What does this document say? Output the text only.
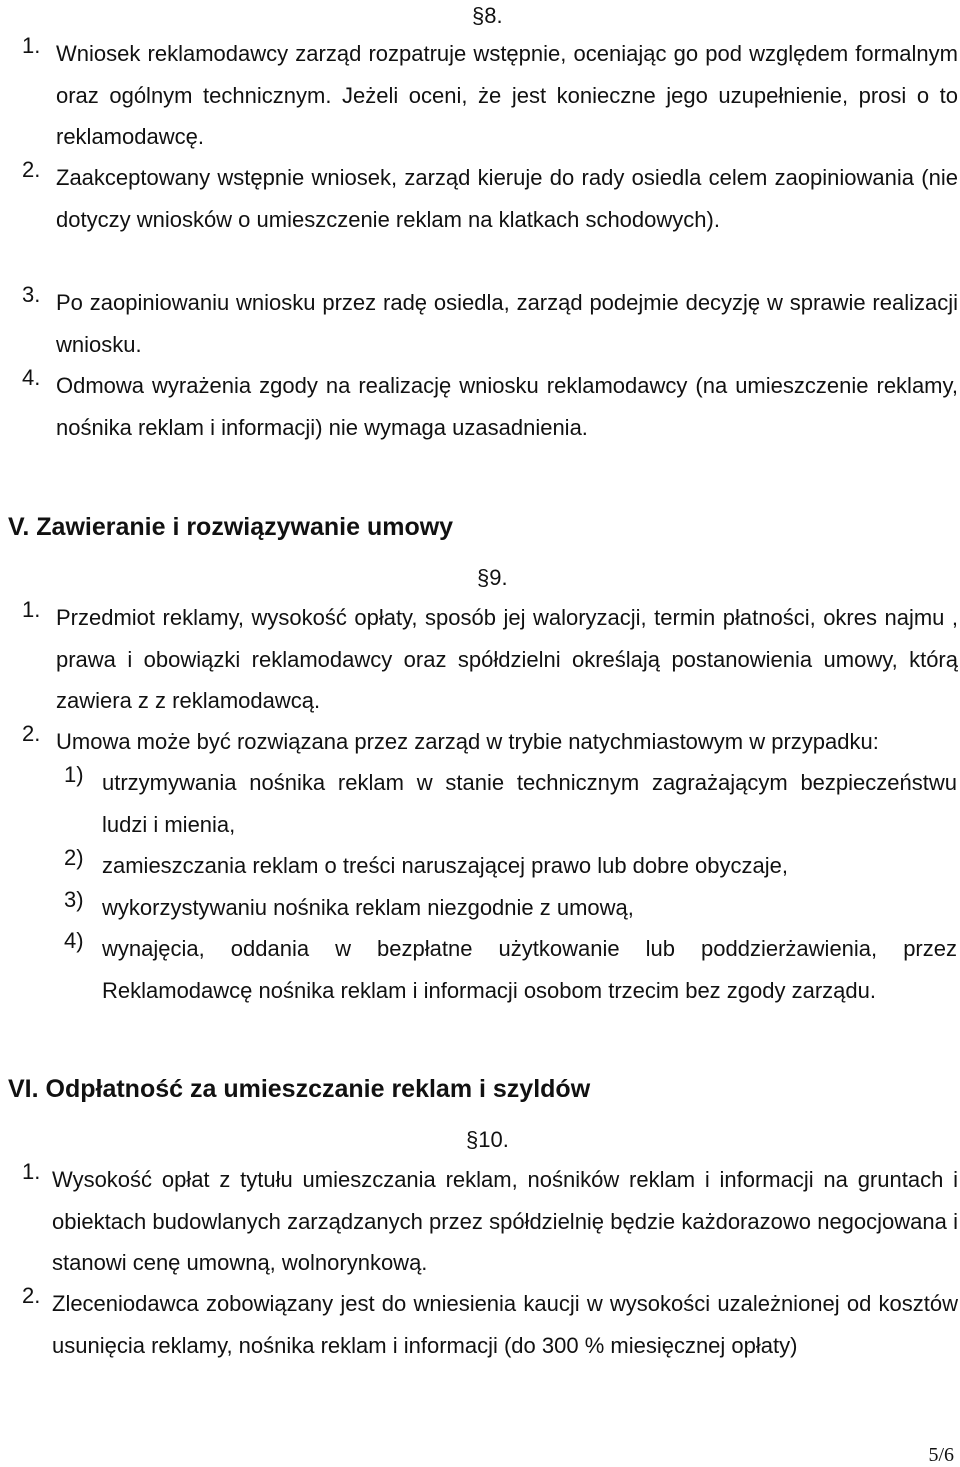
§8.
1. Wniosek reklamodawcy zarząd rozpatruje wstępnie, oceniając go pod względem formalnym oraz ogólnym technicznym. Jeżeli oceni, że jest konieczne jego uzupełnienie, prosi o to reklamodawcę.
2. Zaakceptowany wstępnie wniosek, zarząd kieruje do rady osiedla celem zaopiniowania (nie dotyczy wniosków o umieszczenie reklam na klatkach schodowych).
3. Po zaopiniowaniu wniosku przez radę osiedla, zarząd podejmie decyzję w sprawie realizacji wniosku.
4. Odmowa wyrażenia zgody na realizację wniosku reklamodawcy (na umieszczenie reklamy, nośnika reklam i informacji) nie wymaga uzasadnienia.
V. Zawieranie i rozwiązywanie umowy
§9.
1. Przedmiot reklamy, wysokość opłaty, sposób jej waloryzacji, termin płatności, okres najmu , prawa i obowiązki reklamodawcy oraz spółdzielni określają postanowienia umowy, którą zawiera z z reklamodawcą.
2. Umowa może być rozwiązana przez zarząd w trybie natychmiastowym w przypadku:
1) utrzymywania nośnika reklam w stanie technicznym zagrażającym bezpieczeństwu ludzi i mienia,
2) zamieszczania reklam o treści naruszającej prawo lub dobre obyczaje,
3) wykorzystywaniu nośnika reklam niezgodnie z umową,
4) wynajęcia, oddania w bezpłatne użytkowanie lub poddzierżawienia, przez Reklamodawcę nośnika reklam i informacji osobom trzecim bez zgody zarządu.
VI. Odpłatność za umieszczanie reklam i szyldów
§10.
1. Wysokość opłat z tytułu umieszczania reklam, nośników reklam i informacji na gruntach i obiektach budowlanych zarządzanych przez spółdzielnię będzie każdorazowo negocjowana i stanowi cenę umowną, wolnorynkową.
2. Zleceniodawca zobowiązany jest do wniesienia kaucji w wysokości uzależnionej od kosztów usunięcia reklamy, nośnika reklam i informacji (do 300 % miesięcznej opłaty)
5/6
